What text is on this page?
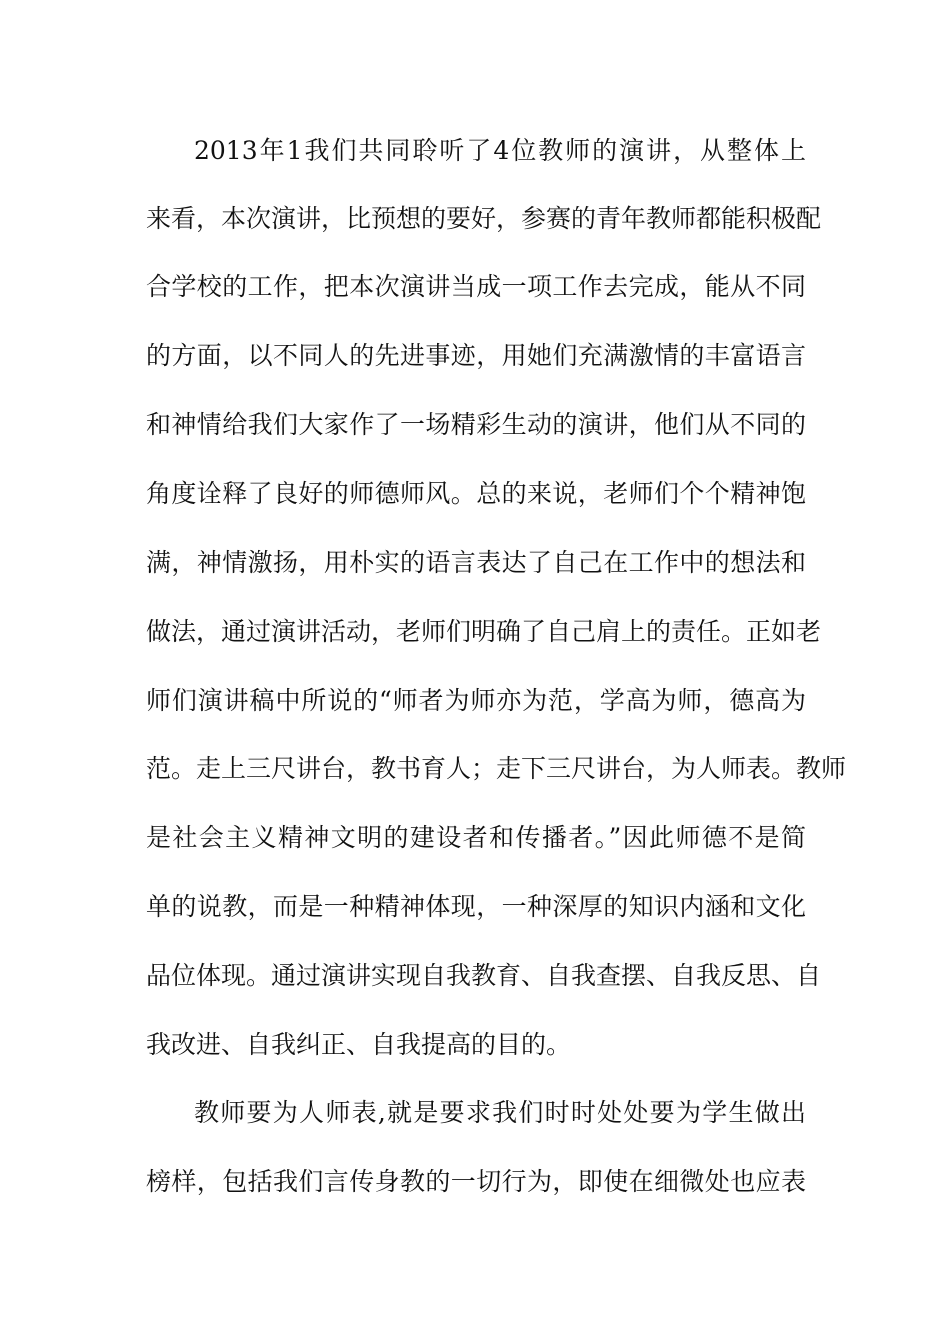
2013年1我们共同聆听了4位教师的演讲，从整体上
来看，本次演讲，比预想的要好，参赛的青年教师都能积极配
合学校的工作，把本次演讲当成一项工作去完成，能从不同
的方面，以不同人的先进事迹，用她们充满激情的丰富语言
和神情给我们大家作了一场精彩生动的演讲，他们从不同的
角度诠释了良好的师德师风。总的来说，老师们个个精神饱
满，神情激扬，用朴实的语言表达了自己在工作中的想法和
做法，通过演讲活动，老师们明确了自己肩上的责任。正如老
师们演讲稿中所说的“师者为师亦为范，学高为师，德高为
范。走上三尺讲台，教书育人；走下三尺讲台，为人师表。教师
是社会主义精神文明的建设者和传播者。”因此师德不是简
单的说教，而是一种精神体现，一种深厚的知识内涵和文化
品位体现。通过演讲实现自我教育、自我查摆、自我反思、自
我改进、自我纠正、自我提高的目的。
教师要为人师表,就是要求我们时时处处要为学生做出
榜样，包括我们言传身教的一切行为，即使在细微处也应表
